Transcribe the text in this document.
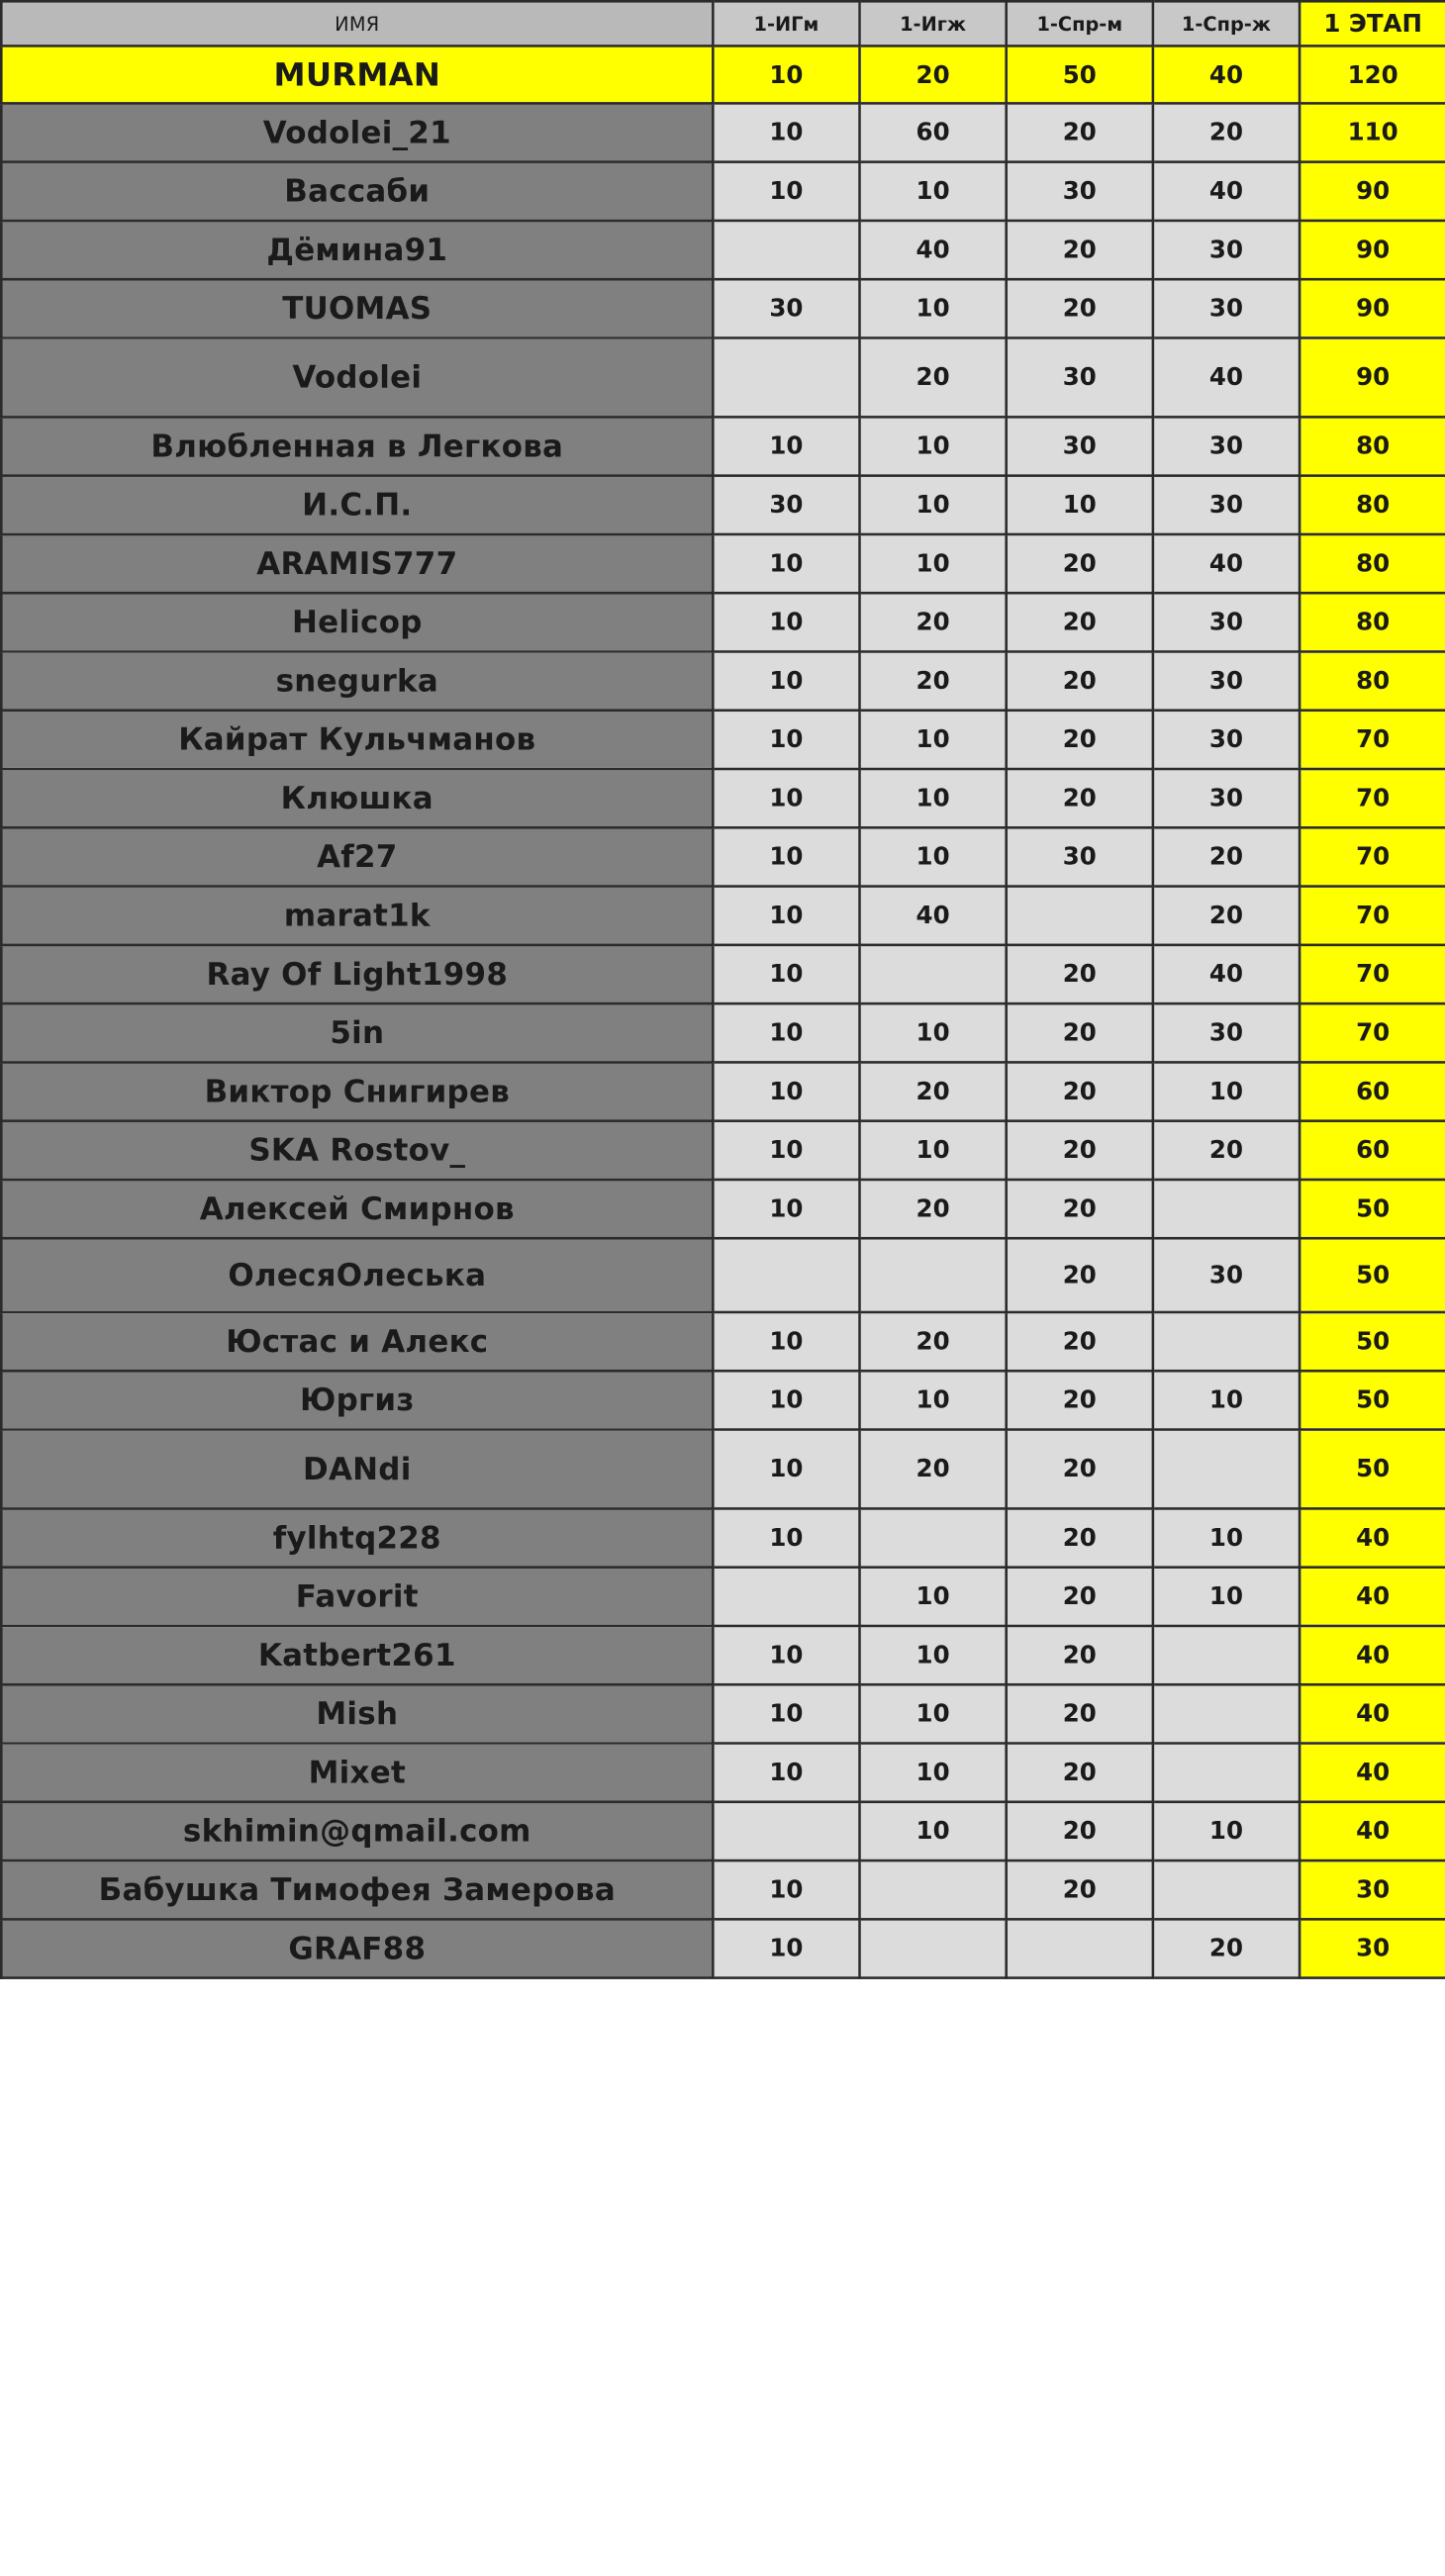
ИМЯ	1-ИГм	1-Игж	1-Спр-м	1-Спр-ж	1 ЭТАП
MURMAN	10	20	50	40	120
Vodolei_21	10	60	20	20	110
Вассаби	10	10	30	40	90
Дёмина91		40	20	30	90
TUOMAS	30	10	20	30	90
Vodolei		20	30	40	90
Влюбленная в Легкова	10	10	30	30	80
И.С.П.	30	10	10	30	80
ARAMIS777	10	10	20	40	80
Helicop	10	20	20	30	80
snegurka	10	20	20	30	80
Кайрат Кульчманов	10	10	20	30	70
Клюшка	10	10	20	30	70
Af27	10	10	30	20	70
marat1k	10	40		20	70
Ray Of Light1998	10		20	40	70
5in	10	10	20	30	70
Виктор Снигирев	10	20	20	10	60
SKA Rostov_	10	10	20	20	60
Алексей Смирнов	10	20	20		50
ОлесяОлеська			20	30	50
Юстас и Алекс	10	20	20		50
Юргиз	10	10	20	10	50
DANdi	10	20	20		50
fylhtq228	10		20	10	40
Favorit		10	20	10	40
Katbert261	10	10	20		40
Mish	10	10	20		40
Mixet	10	10	20		40
skhimin@qmail.com		10	20	10	40
Бабушка Тимофея Замерова	10		20		30
GRAF88	10			20	30
